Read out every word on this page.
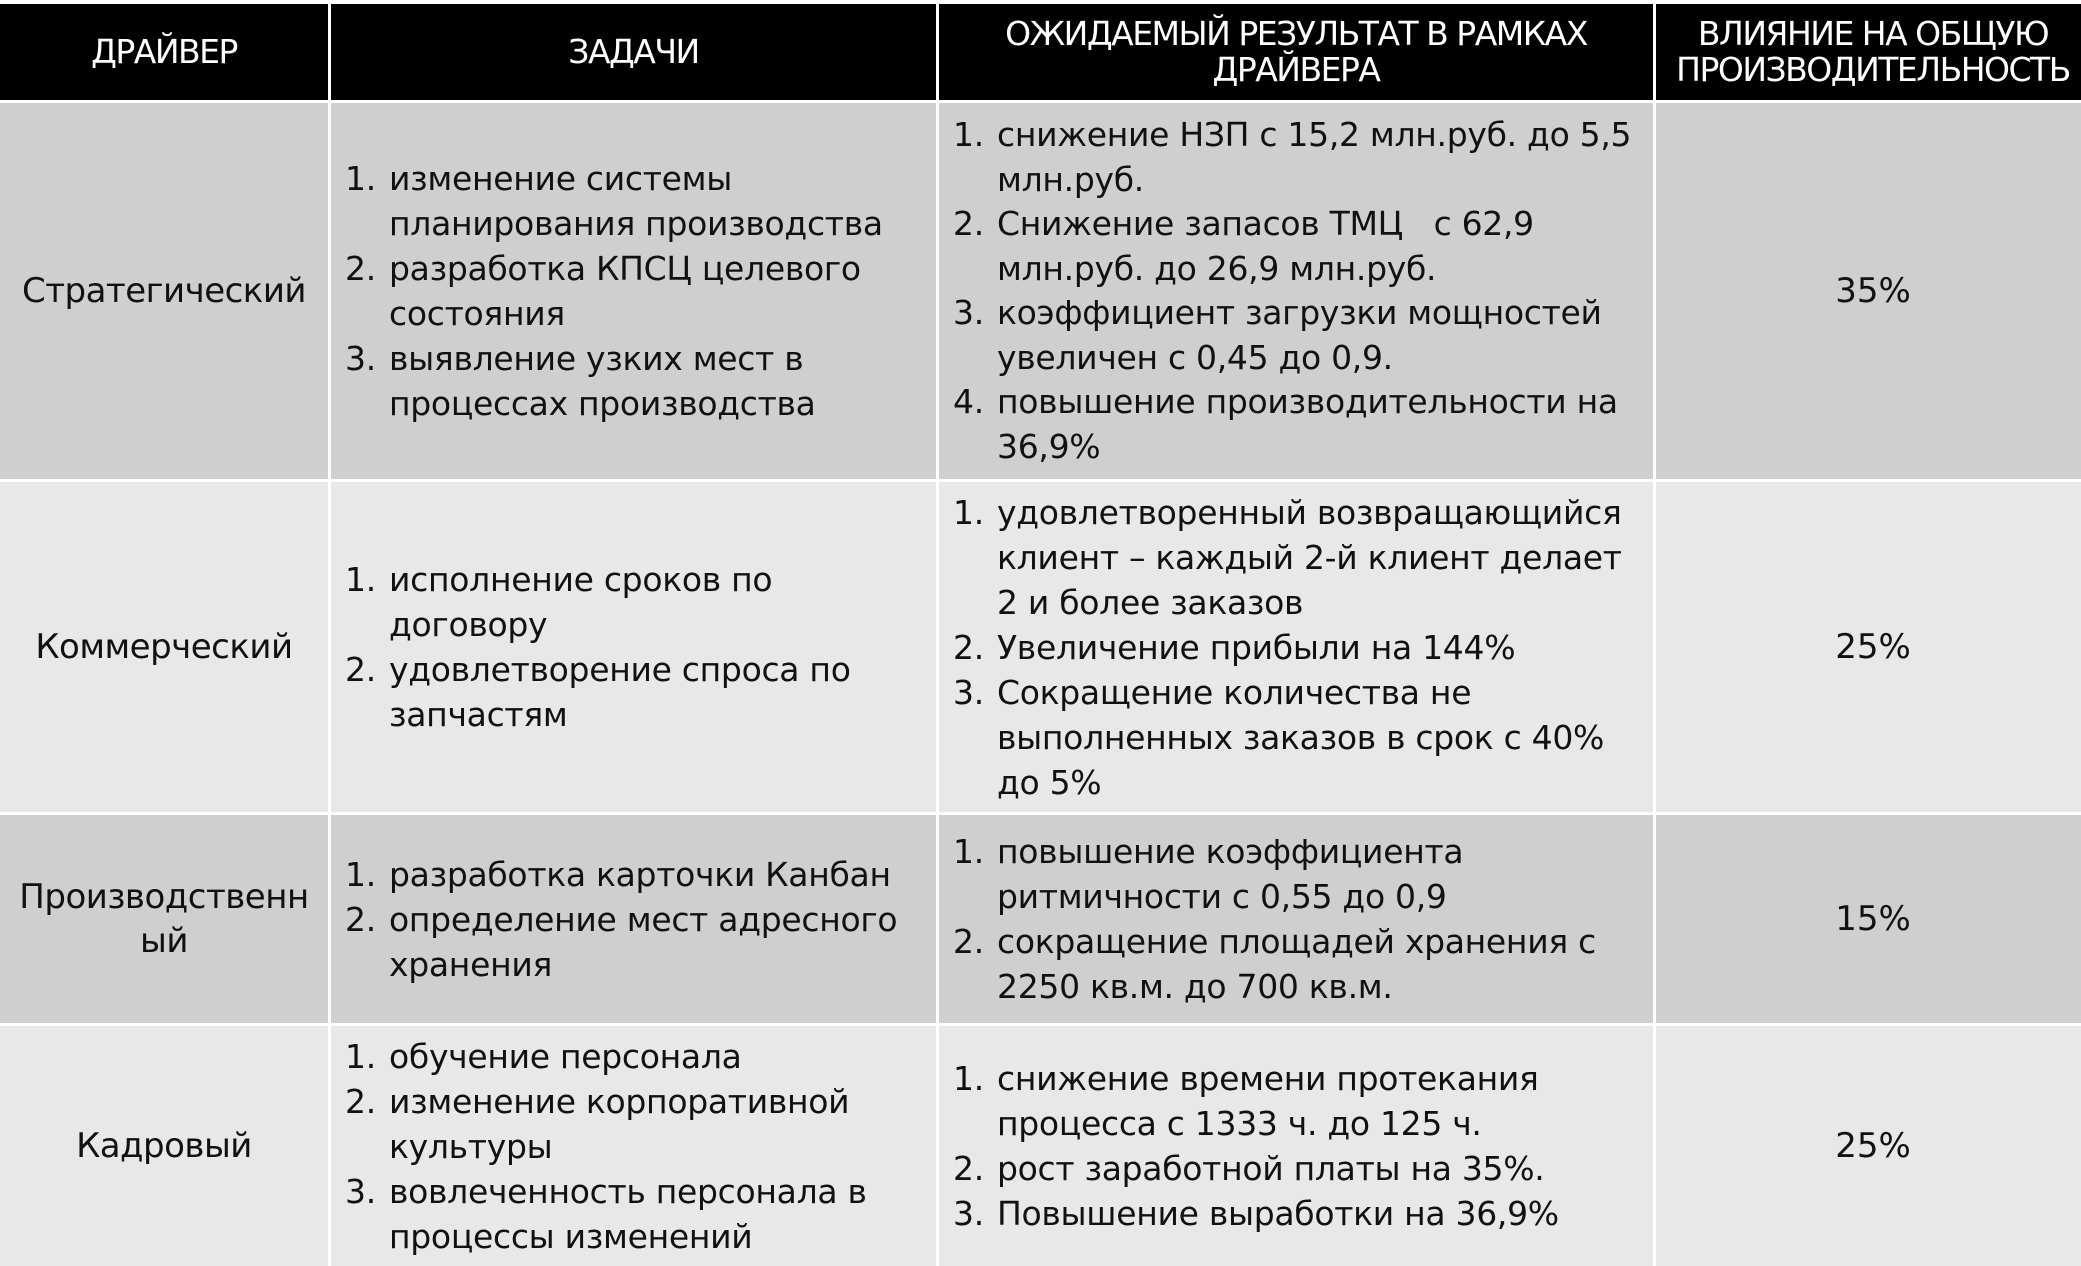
ДРАЙВЕР	ЗАДАЧИ	ОЖИДАЕМЫЙ РЕЗУЛЬТАТ В РАМКАХ ДРАЙВЕРА
ВЛИЯНИЕ НА ОБЩУЮ ПРОИЗВОДИТЕЛЬНОСТЬ
Стратегический
1. изменение системы планирования производства
2. разработка КПСЦ целевого состояния
3. выявление узких мест в процессах производства
1. снижение НЗП с 15,2 млн.руб. до 5,5 млн.руб.
2. Снижение запасов ТМЦ   с 62,9 млн.руб. до 26,9 млн.руб.
3. коэффициент загрузки мощностей увеличен с 0,45 до 0,9.
4. повышение производительности на 36,9%
35%
Коммерческий
1. исполнение сроков по договору
2. удовлетворение спроса по запчастям
1. удовлетворенный возвращающийся клиент – каждый 2-й клиент делает 2 и более заказов
2. Увеличение прибыли на 144%
3. Сокращение количества не выполненных заказов в срок с 40% до 5%
25%
Производственный
1. разработка карточки Канбан
2. определение мест адресного хранения
1. повышение коэффициента ритмичности с 0,55 до 0,9
2. сокращение площадей хранения с 2250 кв.м. до 700 кв.м.
15%
Кадровый
1. обучение персонала
2. изменение корпоративной культуры
3. вовлеченность персонала в процессы изменений
1. снижение времени протекания процесса с 1333 ч. до 125 ч.
2. рост заработной платы на 35%.
3. Повышение выработки на 36,9%
25%
